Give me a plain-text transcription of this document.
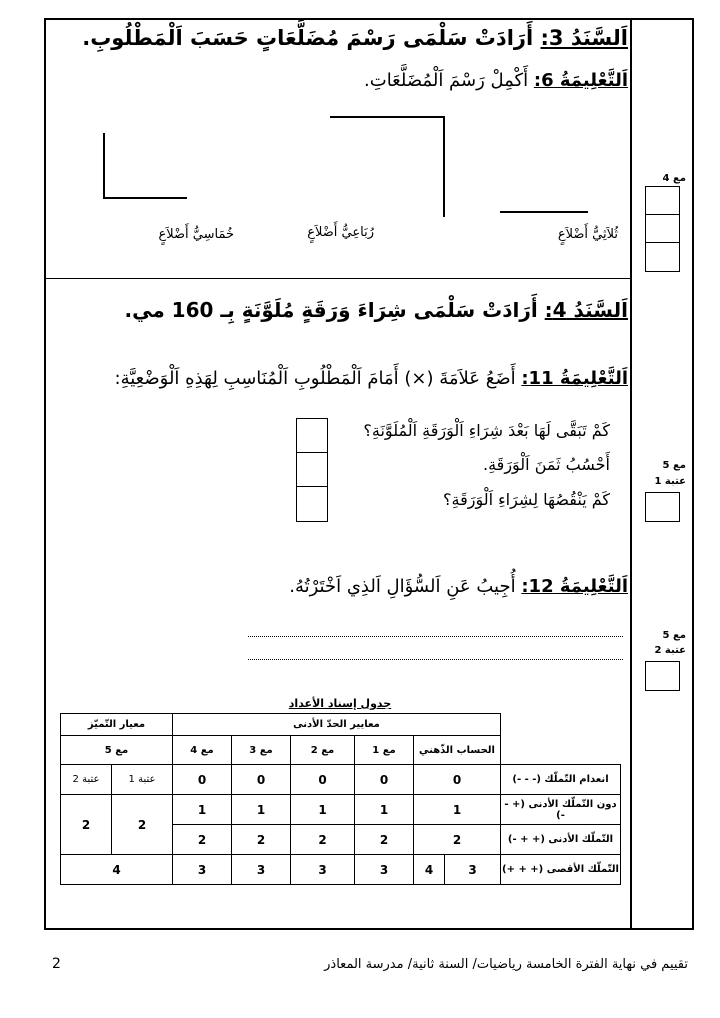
اَلسَّنَدُ 3: أَرَادَتْ سَلْمَى رَسْمَ مُضَلَّعَاتٍ حَسَبَ اَلْمَطْلُوبِ.
اَلتَّعْلِيمَةُ 6: أَكْمِلْ رَسْمَ اَلْمُضَلَّعَاتِ.
ثُلاَثِيُّ أَضْلاَعٍ
رُبَاعِيُّ أَضْلاَعٍ
خُمَاسِيُّ أَضْلاَعٍ
مع 4
اَلسَّنَدُ 4: أَرَادَتْ سَلْمَى شِرَاءَ وَرَقَةٍ مُلَوَّنَةٍ بِـ 160 مي.
اَلتَّعْلِيمَةُ 11: أَضَعُ عَلاَمَةَ (×) أَمَامَ اَلْمَطْلُوبِ اَلْمُنَاسِبِ لِهَذِهِ اَلْوَضْعِيَّةِ:
كَمْ تَبَقَّى لَهَا بَعْدَ شِرَاءِ اَلْوَرَقَةِ اَلْمُلَوَّنَةِ؟
أَحْسُبُ ثَمَنَ اَلْوَرَقَةِ.
كَمْ يَنْقُصُهَا لِشِرَاءِ اَلْوَرَقَةِ؟
مع 5
عتبة 1
اَلتَّعْلِيمَةُ 12: أُجِيبُ عَنِ اَلسُّؤَالِ اَلذِي اَخْتَرْتُهُ.
مع 5
عتبة 2
جدول إسناد الأعداد
معيار التّميّز		معايير الحدّ الأدنى						
مع 5		مع 4	مع 3	مع 2	مع 1	الحساب الذّهني		
عتبة 2	عتبة 1	0	0	0	0	0		انعدام التّملّك (- - -)
2	2	1	1	1	1	1		دون التّملّك الأدنى (+ - -)
		2	2	2	2	2		التّملّك الأدنى (+ + -)
4		3	3	3	3	4	3	التّملّك الأقصى (+ + +)
تقييم في نهاية الفترة الخامسة رياضيات/ السنة ثانية/ مدرسة المعاذر
2
